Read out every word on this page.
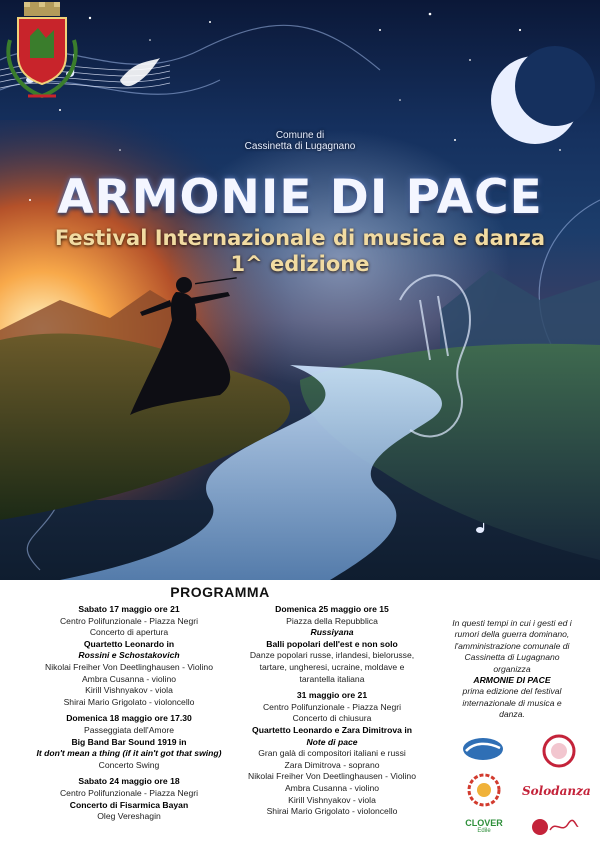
Comune di
Cassinetta di Lugagnano
ARMONIE DI PACE
Festival Internazionale di musica e danza
1^ edizione
PROGRAMMA
Sabato 17 maggio ore 21
Centro Polifunzionale - Piazza Negri
Concerto di apertura
Quartetto Leonardo in
Rossini e Schostakovich
Nikolai Freiher Von Deetlinghausen - Violino
Ambra Cusanna - violino
Kirill Vishnyakov - viola
Shirai Mario Grigolato - violoncello
Domenica 18 maggio ore 17.30
Passeggiata dell'Amore
Big Band Bar Sound 1919 in
It don't mean a thing (if it ain't got that swing)
Concerto Swing
Sabato 24 maggio ore 18
Centro Polifunzionale - Piazza Negri
Concerto di Fisarmica Bayan
Oleg Vereshagin
Domenica 25 maggio ore 15
Piazza della Repubblica
Russiyana
Balli popolari dell'est e non solo
Danze popolari russe, irlandesi, bielorusse,
tartare, ungheresi, ucraine, moldave e
tarantella italiana
31 maggio ore 21
Centro Polifunzionale - Piazza Negri
Concerto di chiusura
Quartetto Leonardo e Zara Dimitrova in
Note di pace
Gran galà di compositori italiani e russi
Zara Dimitrova - soprano
Nikolai Freiher Von Deetlinghausen - Violino
Ambra Cusanna - violino
Kirill Vishnyakov - viola
Shirai Mario Grigolato - violoncello
In questi tempi in cui i gesti ed i
rumori della guerra dominano,
l'amministrazione comunale di
Cassinetta di Lugagnano
organizza
ARMONIE DI PACE
prima edizione del festival
internazionale di musica e
danza.
Solodanza
CLOVER
Edile
